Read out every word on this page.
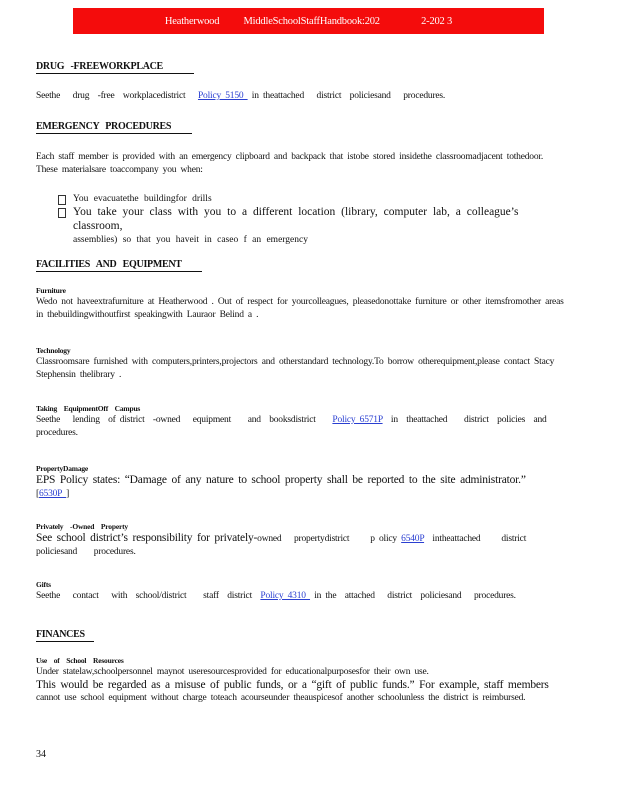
Heatherwood
MiddleSchoolStaffHandbook:202
	2-202 3
DRUG -FREEWORKPLACE
Seethe   drug  -free  workplacedistrict   Policy 5150  in theattached   district  policiesand   procedures.
EMERGENCY PROCEDURES
Each staff member is provided with an emergency clipboard and backpack that istobe stored insidethe classroomadjacent tothedoor. These materialsare toaccompany you when:
You evacuatethe buildingfor drills
You take your class with you to a different location (library, computer lab, a colleague’s classroom,
assemblies) so that you haveit in caseo f an emergency
FACILITIES AND EQUIPMENT
Furniture
Wedo not haveextrafurniture at Heatherwood . Out of respect for yourcolleagues, pleasedonottake furniture or other itemsfromother areas in thebuildingwithoutfirst speakingwith Lauraor Belind a .
Technology
Classroomsare furnished with computers,printers,projectors and otherstandard technology.To borrow otherequipment,please contact Stacy Stephensin thelibrary .
Taking EquipmentOff Campus
Seethe   lending  of district  -owned   equipment    and  booksdistrict    Policy 6571P  in  theattached    district  policies  and  procedures.
PropertyDamage
EPS Policy states: “Damage of any nature to school property shall be reported to the site administrator.”
[6530P ]
Privately -Owned Property
See school district’s responsibility for privately-owned   propertydistrict     p olicy 6540P  intheattached     district  policiesand    procedures.
Gifts
Seethe   contact   with  school/district    staff  district  Policy 4310  in the  attached   district  policiesand   procedures.
FINANCES
Use of School Resources
Under statelaw,schoolpersonnel maynot useresourcesprovided for educationalpurposesfor their own use.
This would be regarded as a misuse of public funds, or a “gift of public funds.” For example, staff members
cannot use school equipment without charge toteach acourseunder theauspicesof another schoolunless the district is reimbursed.
34
